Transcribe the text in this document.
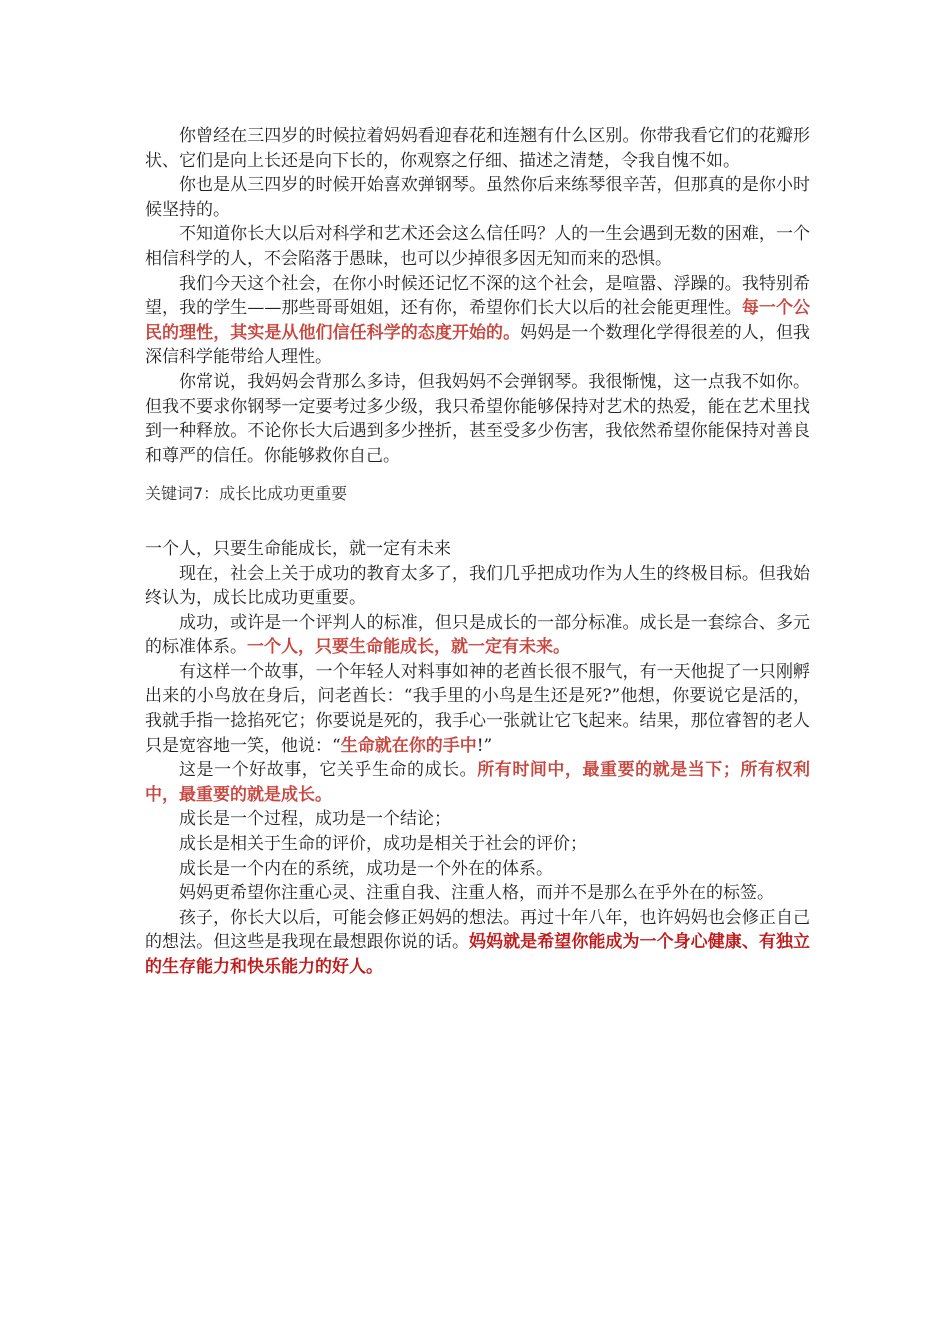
你曾经在三四岁的时候拉着妈妈看迎春花和连翘有什么区别。你带我看它们的花瓣形状、它们是向上长还是向下长的，你观察之仔细、描述之清楚，令我自愧不如。

你也是从三四岁的时候开始喜欢弹钢琴。虽然你后来练琴很辛苦，但那真的是你小时候坚持的。

不知道你长大以后对科学和艺术还会这么信任吗？人的一生会遇到无数的困难，一个相信科学的人，不会陷落于愚昧，也可以少掉很多因无知而来的恐惧。

我们今天这个社会，在你小时候还记忆不深的这个社会，是喧嚣、浮躁的。我特别希望，我的学生——那些哥哥姐姐，还有你，希望你们长大以后的社会能更理性。每一个公民的理性，其实是从他们信任科学的态度开始的。妈妈是一个数理化学得很差的人，但我深信科学能带给人理性。

你常说，我妈妈会背那么多诗，但我妈妈不会弹钢琴。我很惭愧，这一点我不如你。但我不要求你钢琴一定要考过多少级，我只希望你能够保持对艺术的热爱，能在艺术里找到一种释放。不论你长大后遇到多少挫折，甚至受多少伤害，我依然希望你能保持对善良和尊严的信任。你能够救你自己。

关键词7：成长比成功更重要

一个人，只要生命能成长，就一定有未来

现在，社会上关于成功的教育太多了，我们几乎把成功作为人生的终极目标。但我始终认为，成长比成功更重要。

成功，或许是一个评判人的标准，但只是成长的一部分标准。成长是一套综合、多元的标准体系。一个人，只要生命能成长，就一定有未来。

有这样一个故事，一个年轻人对料事如神的老酋长很不服气，有一天他捉了一只刚孵出来的小鸟放在身后，问老酋长：“我手里的小鸟是生还是死?”他想，你要说它是活的，我就手指一捻掐死它；你要说是死的，我手心一张就让它飞起来。结果，那位睿智的老人只是宽容地一笑，他说：“生命就在你的手中!”

这是一个好故事，它关乎生命的成长。所有时间中，最重要的就是当下；所有权利中，最重要的就是成长。

成长是一个过程，成功是一个结论；

成长是相关于生命的评价，成功是相关于社会的评价；

成长是一个内在的系统，成功是一个外在的体系。

妈妈更希望你注重心灵、注重自我、注重人格，而并不是那么在乎外在的标签。

孩子，你长大以后，可能会修正妈妈的想法。再过十年八年，也许妈妈也会修正自己的想法。但这些是我现在最想跟你说的话。妈妈就是希望你能成为一个身心健康、有独立的生存能力和快乐能力的好人。
